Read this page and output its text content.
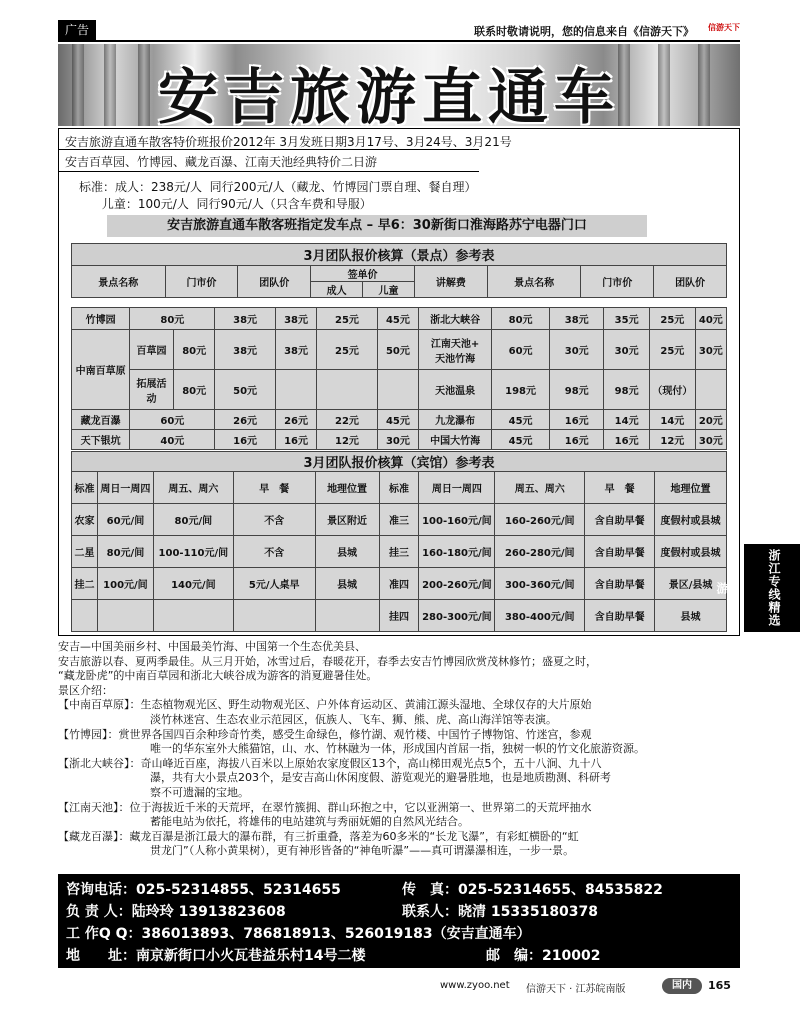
广告	联系时敬请说明，您的信息来自《信游天下》 信游天下
安吉旅游直通车
安吉旅游直通车散客特价班报价2012年 3月发班日期3月17号、3月24号、3月21号
安吉百草园、竹博园、藏龙百瀑、江南天池经典特价二日游
标准：成人：238元/人  同行200元/人（藏龙、竹博园门票自理、餐自理）
儿童：100元/人  同行90元/人（只含车费和导服）
安吉旅游直通车散客班指定发车点 – 早6：30新街口淮海路苏宁电器门口
3月团队报价核算（景点）参考表								
景点名称	门市价	团队价	签单价		讲解费	景点名称	门市价	团队价
			成人	儿童				
竹博园	80元		38元	38元	25元	45元	浙北大峡谷	80元	38元	35元	25元	40元
中南百草原	百草园	80元	38元	38元	25元	50元	江南天池+
天池竹海	60元	30元	30元	25元	30元
	拓展活动	80元	50元				天池温泉	198元	98元	98元	（现付）	
藏龙百瀑	60元		26元	26元	22元	45元	九龙瀑布	45元	16元	14元	14元	20元
天下银坑	40元		16元	16元	12元	30元	中国大竹海	45元	16元	16元	12元	30元
3月团队报价核算（宾馆）参考表									
标准	周日一周四	周五、周六	早　餐	地理位置	标准	周日一周四	周五、周六	早　餐	地理位置
农家	60元/间	80元/间	不含	景区附近	准三	100-160元/间	160-260元/间	含自助早餐	度假村或县城
二星	80元/间	100-110元/间	不含	县城	挂三	160-180元/间	260-280元/间	含自助早餐	度假村或县城
挂二	100元/间	140元/间	5元/人桌早	县城	准四	200-260元/间	300-360元/间	含自助早餐	景区/县城
					挂四	280-300元/间	380-400元/间	含自助早餐	县城

安吉—中国美丽乡村、中国最美竹海、中国第一个生态优美县、

安吉旅游以春、夏两季最佳。从三月开始，冰雪过后，春暖花开，春季去安吉竹博园欣赏茂林修竹；盛夏之时，

“藏龙卧虎”的中南百草园和浙北大峡谷成为游客的消夏避暑佳处。

景区介绍：

【中南百草原】：生态植物观光区、野生动物观光区、户外体育运动区、黄浦江源头湿地、全球仅存的大片原始

淡竹林迷宫、生态农业示范园区，佤族人、飞车、狮、熊、虎、高山海洋馆等表演。

【竹博园】：赏世界各国四百余种珍奇竹类，感受生命绿色，修竹湖、观竹楼、中国竹子博物馆、竹迷宫，参观

唯一的华东室外大熊猫馆，山、水、竹林融为一体，形成国内首屈一指，独树一帜的竹文化旅游资源。

【浙北大峡谷】：奇山峰近百座，海拔八百米以上原始农家度假区13个，高山梯田观光点5个，五十八涧、九十八

瀑，共有大小景点203个，是安吉高山休闲度假、游览观光的避暑胜地，也是地质勘测、科研考

察不可遗漏的宝地。

【江南天池】：位于海拔近千米的天荒坪，在翠竹簇拥、群山环抱之中，它以亚洲第一、世界第二的天荒坪抽水

蓄能电站为依托，将雄伟的电站建筑与秀丽妩媚的自然风光结合。

【藏龙百瀑】：藏龙百瀑是浙江最大的瀑布群，有三折重叠，落差为60多米的“长龙飞瀑”，有彩虹横卧的“虹

贯龙门”（人称小黄果树），更有神形皆备的“神龟听瀑”——真可谓瀑瀑相连，一步一景。

咨询电话：025-52314855、52314655	传　真：025-52314655、84535822
负 责 人：陆玲玲 13913823608	联系人：晓清 15335180378
工 作Q Q：386013893、786818913、526019183（安吉直通车）
地　　址：南京新街口小火瓦巷益乐村14号二楼	邮　编：210002
www.zyoo.net 信游天下 · 江苏皖南版	国内	165
浙江专线精选游
